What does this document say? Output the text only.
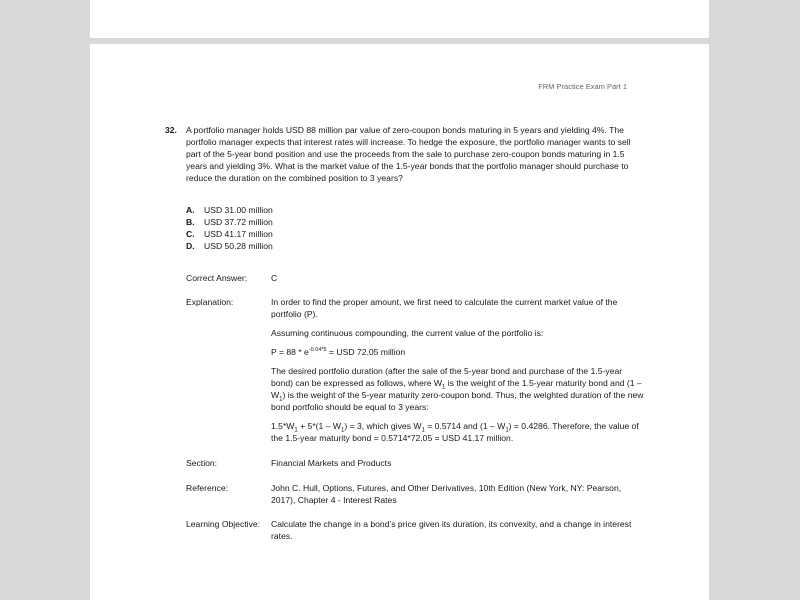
FRM Practice Exam Part 1
32. A portfolio manager holds USD 88 million par value of zero-coupon bonds maturing in 5 years and yielding 4%. The portfolio manager expects that interest rates will increase. To hedge the exposure, the portfolio manager wants to sell part of the 5-year bond position and use the proceeds from the sale to purchase zero-coupon bonds maturing in 1.5 years and yielding 3%. What is the market value of the 1.5-year bonds that the portfolio manager should purchase to reduce the duration on the combined position to 3 years?
A.	USD 31.00 million
B.	USD 37.72 million
C.	USD 41.17 million
D.	USD 50.28 million
Correct Answer:	C
Explanation:	In order to find the proper amount, we first need to calculate the current market value of the portfolio (P).

Assuming continuous compounding, the current value of the portfolio is:

$P = 88 * e^{-0.04*5}$ = USD 72.05 million

The desired portfolio duration (after the sale of the 5-year bond and purchase of the 1.5-year bond) can be expressed as follows, where $W_1$ is the weight of the 1.5-year maturity bond and $(1 - W_1)$ is the weight of the 5-year maturity zero-coupon bond. Thus, the weighted duration of the new bond portfolio should be equal to 3 years:

$1.5*W_1 + 5*(1 - W_1) = 3$, which gives $W_1 = 0.5714$ and $(1 - W_1) = 0.4286$. Therefore, the value of the 1.5-year maturity bond = 0.5714*72.05 = USD 41.17 million.

Section:	Financial Markets and Products
Reference:	John C. Hull, Options, Futures, and Other Derivatives, 10th Edition (New York, NY: Pearson, 2017), Chapter 4 - Interest Rates
Learning Objective:	Calculate the change in a bond’s price given its duration, its convexity, and a change in interest rates.
